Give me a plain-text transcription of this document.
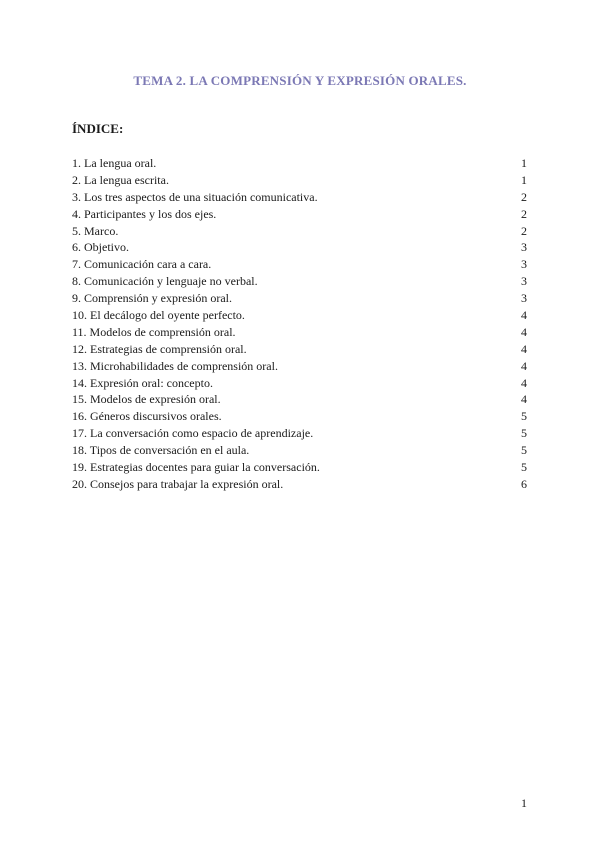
TEMA 2. LA COMPRENSIÓN Y EXPRESIÓN ORALES.
ÍNDICE:
1. La lengua oral.	1
2. La lengua escrita.	1
3. Los tres aspectos de una situación comunicativa.	2
4. Participantes y los dos ejes.	2
5. Marco.	2
6. Objetivo.	3
7. Comunicación cara a cara.	3
8. Comunicación y lenguaje no verbal.	3
9. Comprensión y expresión oral.	3
10. El decálogo del oyente perfecto.	4
11. Modelos de comprensión oral.	4
12. Estrategias de comprensión oral.	4
13. Microhabilidades de comprensión oral.	4
14. Expresión oral: concepto.	4
15. Modelos de expresión oral.	4
16. Géneros discursivos orales.	5
17. La conversación como espacio de aprendizaje.	5
18. Tipos de conversación en el aula.	5
19. Estrategias docentes para guiar la conversación.	5
20. Consejos para trabajar la expresión oral.	6
1
